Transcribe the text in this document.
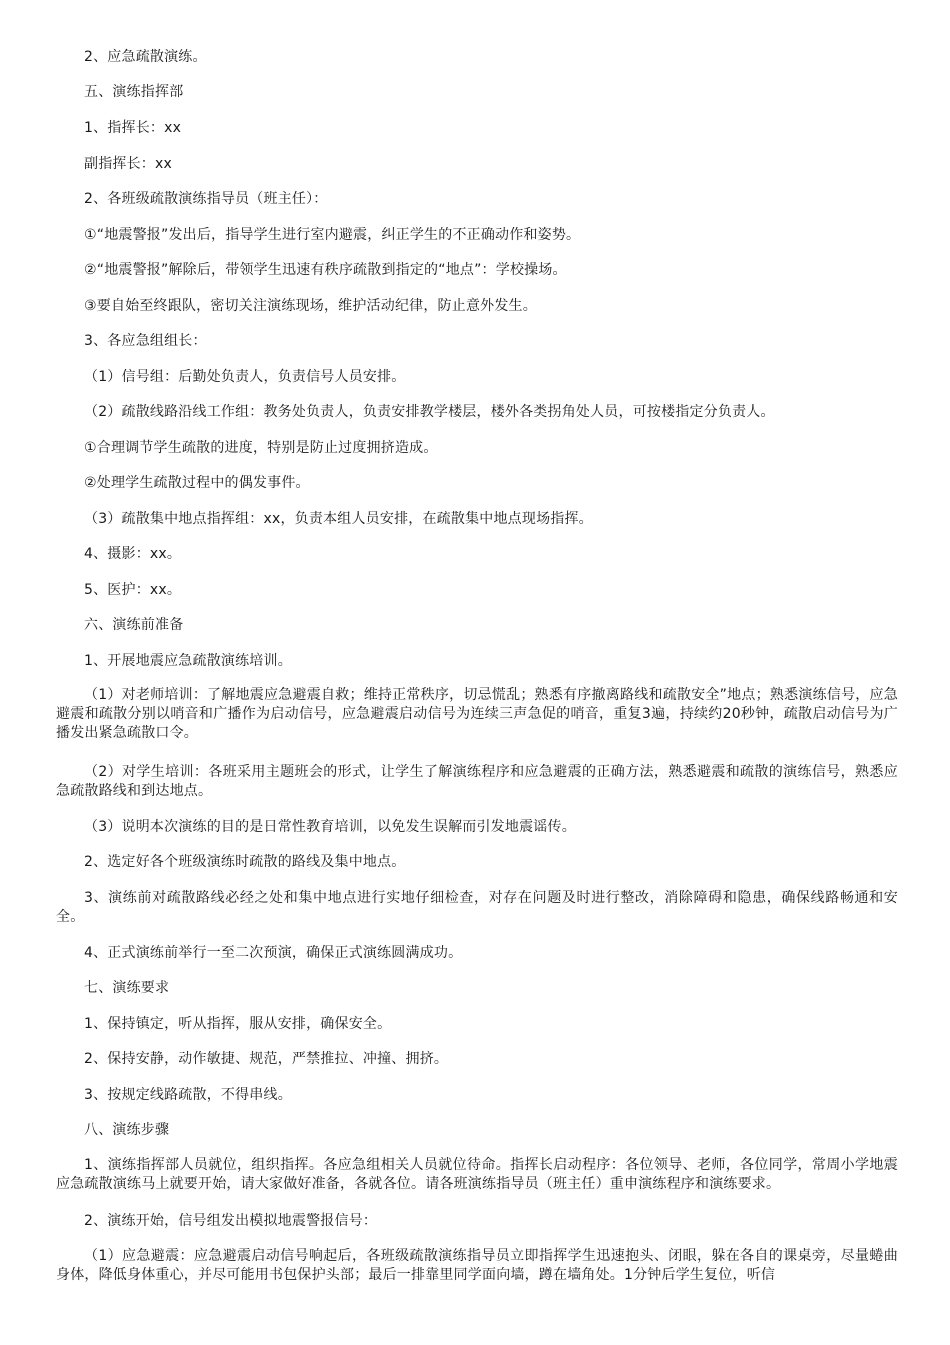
2、应急疏散演练。
五、演练指挥部
1、指挥长：xx
副指挥长：xx
2、各班级疏散演练指导员（班主任）：
①“地震警报”发出后，指导学生进行室内避震，纠正学生的不正确动作和姿势。
②“地震警报”解除后，带领学生迅速有秩序疏散到指定的“地点”：学校操场。
③要自始至终跟队，密切关注演练现场，维护活动纪律，防止意外发生。
3、各应急组组长：
（1）信号组：后勤处负责人，负责信号人员安排。
（2）疏散线路沿线工作组：教务处负责人，负责安排教学楼层，楼外各类拐角处人员，可按楼指定分负责人。
①合理调节学生疏散的进度，特别是防止过度拥挤造成。
②处理学生疏散过程中的偶发事件。
（3）疏散集中地点指挥组：xx，负责本组人员安排，在疏散集中地点现场指挥。
4、摄影：xx。
5、医护：xx。
六、演练前准备
1、开展地震应急疏散演练培训。
（1）对老师培训：了解地震应急避震自救；维持正常秩序，切忌慌乱；熟悉有序撤离路线和疏散安全”地点；熟悉演练信号，应急避震和疏散分别以哨音和广播作为启动信号，应急避震启动信号为连续三声急促的哨音，重复3遍，持续约20秒钟，疏散启动信号为广播发出紧急疏散口令。
（2）对学生培训：各班采用主题班会的形式，让学生了解演练程序和应急避震的正确方法，熟悉避震和疏散的演练信号，熟悉应急疏散路线和到达地点。
（3）说明本次演练的目的是日常性教育培训，以免发生误解而引发地震谣传。
2、选定好各个班级演练时疏散的路线及集中地点。
3、演练前对疏散路线必经之处和集中地点进行实地仔细检查，对存在问题及时进行整改，消除障碍和隐患，确保线路畅通和安全。
4、正式演练前举行一至二次预演，确保正式演练圆满成功。
七、演练要求
1、保持镇定，听从指挥，服从安排，确保安全。
2、保持安静，动作敏捷、规范，严禁推拉、冲撞、拥挤。
3、按规定线路疏散，不得串线。
八、演练步骤
1、演练指挥部人员就位，组织指挥。各应急组相关人员就位待命。指挥长启动程序：各位领导、老师，各位同学，常周小学地震应急疏散演练马上就要开始，请大家做好准备，各就各位。请各班演练指导员（班主任）重申演练程序和演练要求。
2、演练开始，信号组发出模拟地震警报信号：
（1）应急避震：应急避震启动信号响起后，各班级疏散演练指导员立即指挥学生迅速抱头、闭眼，躲在各自的课桌旁，尽量蜷曲身体，降低身体重心，并尽可能用书包保护头部；最后一排靠里同学面向墙，蹲在墙角处。1分钟后学生复位，听信
